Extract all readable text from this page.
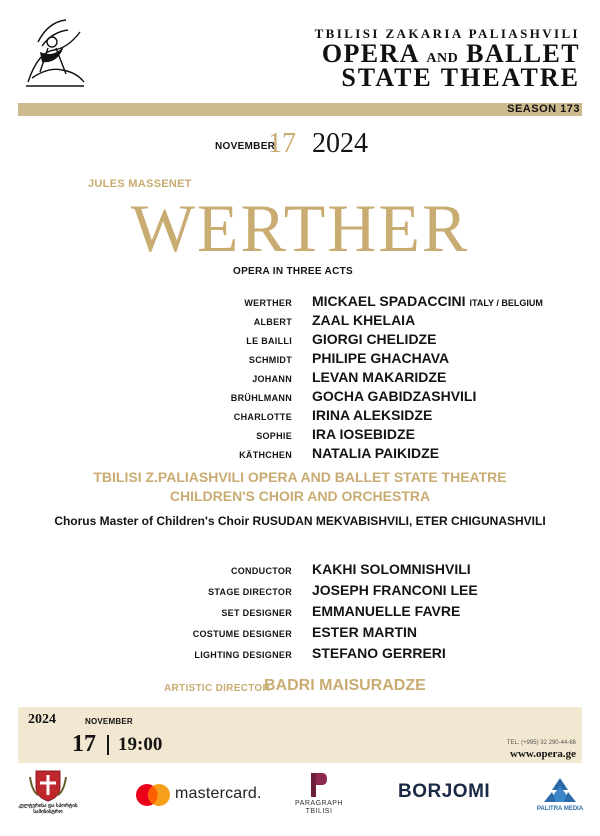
TBILISI ZAKARIA PALIASHVILI
OPERA AND BALLET
STATE THEATRE
SEASON 173
NOVEMBER
17 2024
JULES MASSENET
WERTHER
OPERA IN THREE ACTS
WERTHER MICKAEL SPADACCINI ITALY / BELGIUM
ALBERT ZAAL KHELAIA
LE BAILLI GIORGI CHELIDZE
SCHMIDT PHILIPE GHACHAVA
JOHANN LEVAN MAKARIDZE
BRÜHLMANN GOCHA GABIDZASHVILI
CHARLOTTE IRINA ALEKSIDZE
SOPHIE IRA IOSEBIDZE
KÄTHCHEN NATALIA PAIKIDZE
TBILISI Z.PALIASHVILI OPERA AND BALLET STATE THEATRE
CHILDREN'S CHOIR AND ORCHESTRA
Chorus Master of Children's Choir RUSUDAN MEKVABISHVILI, ETER CHIGUNASHVILI
CONDUCTOR KAKHI SOLOMNISHVILI
STAGE DIRECTOR JOSEPH FRANCONI LEE
SET DESIGNER EMMANUELLE FAVRE
COSTUME DESIGNER ESTER MARTIN
LIGHTING DESIGNER STEFANO GERRERI
ARTISTIC DIRECTOR
BADRI MAISURADZE
2024	NOVEMBER
17 19:00	TEL: (+995) 32 290-44-66
www.opera.ge
კულტურისა და სპორტის სამინისტრო
mastercard.
PARAGRAPH
TBILISI
BORJOMI
PALITRA MEDIA
